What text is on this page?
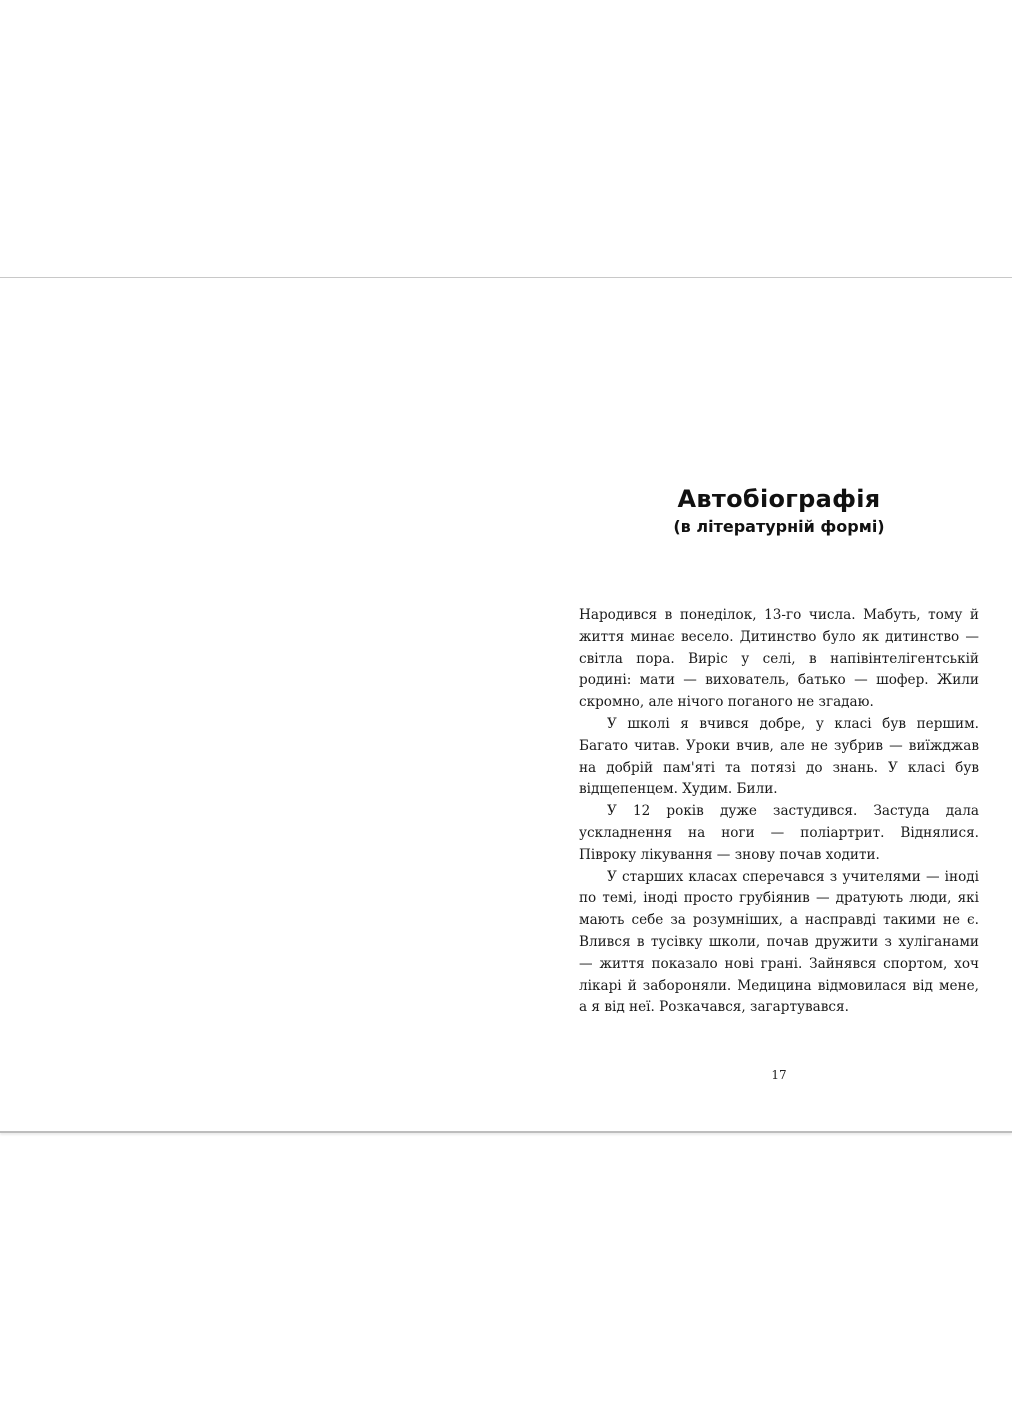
Автобіографія
(в літературній формі)

Народився в понеділок, 13-го числа. Мабуть, тому й життя минає весело. Дитинство було як дитинство — світла пора. Виріс у селі, в напівінтелігентській родині: мати — вихователь, батько — шофер. Жили скромно, але нічого поганого не згадаю.

У школі я вчився добре, у класі був першим. Багато читав. Уроки вчив, але не зубрив — виїжджав на добрій пам'яті та потязі до знань. У класі був відщепенцем. Худим. Били.

У 12 років дуже застудився. Застуда дала ускладнення на ноги — поліартрит. Віднялися. Півроку лікування — знову почав ходити.

У старших класах сперечався з учителями — іноді по темі, іноді просто грубіянив — дратують люди, які мають себе за розумніших, а насправді такими не є. Влився в тусівку школи, почав дружити з хуліганами — життя показало нові грані. Зайнявся спортом, хоч лікарі й забороняли. Медицина відмовилася від мене, а я від неї. Розкачався, загартувався.

17
